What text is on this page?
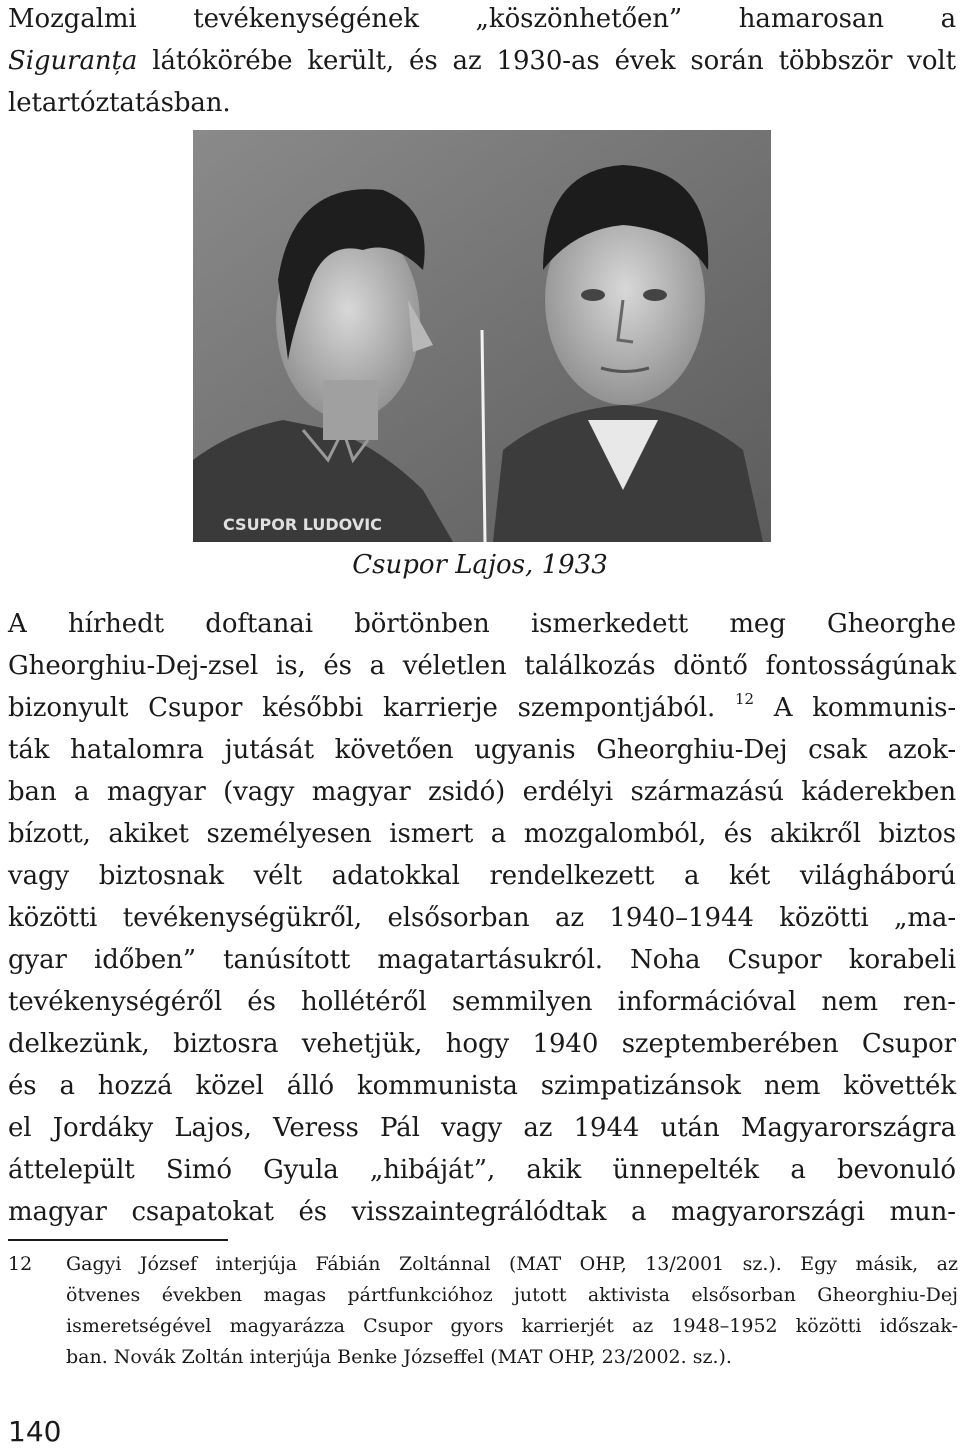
Mozgalmi tevékenységének „köszönhetően” hamarosan a
Siguranța látókörébe került, és az 1930-as évek során többször volt
letartóztatásban.

CSUPOR LUDOVIC
Csupor Lajos, 1933

A hírhedt doftanai börtönben ismerkedett meg Gheorghe
Gheorghiu-Dej-zsel is, és a véletlen találkozás döntő fontosságúnak
bizonyult Csupor későbbi karrierje szempontjából. $^{12}$ A kommunis-
ták hatalomra jutását követően ugyanis Gheorghiu-Dej csak azok-
ban a magyar (vagy magyar zsidó) erdélyi származású káderekben
bízott, akiket személyesen ismert a mozgalomból, és akikről biztos
vagy biztosnak vélt adatokkal rendelkezett a két világháború
közötti tevékenységükről, elsősorban az 1940–1944 közötti „ma-
gyar időben” tanúsított magatartásukról. Noha Csupor korabeli
tevékenységéről és hollétéről semmilyen információval nem ren-
delkezünk, biztosra vehetjük, hogy 1940 szeptemberében Csupor
és a hozzá közel álló kommunista szimpatizánsok nem követték
el Jordáky Lajos, Veress Pál vagy az 1944 után Magyarországra
áttelepült Simó Gyula „hibáját”, akik ünnepelték a bevonuló
magyar csapatokat és visszaintegrálódtak a magyarországi mun-

12 Gagyi József interjúja Fábián Zoltánnal (MAT OHP, 13/2001 sz.). Egy másik, az
ötvenes években magas pártfunkcióhoz jutott aktivista elsősorban Gheorghiu-Dej
ismeretségével magyarázza Csupor gyors karrierjét az 1948–1952 közötti időszak-
ban. Novák Zoltán interjúja Benke Józseffel (MAT OHP, 23/2002. sz.).
140
